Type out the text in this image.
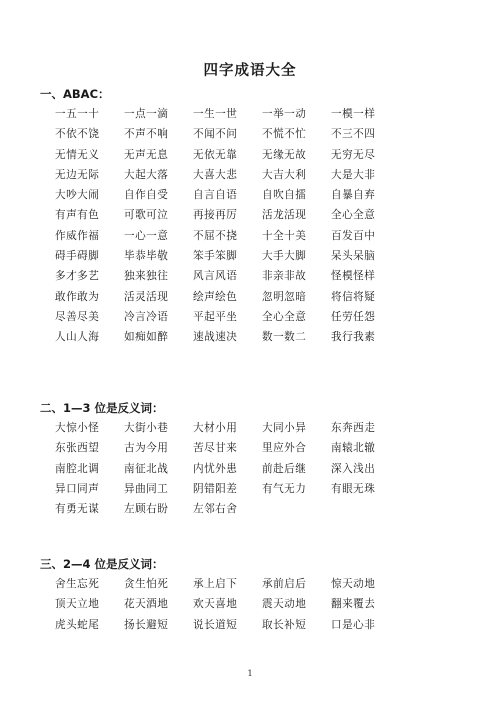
四字成语大全
一、ABAC：
一五一十	一点一滴	一生一世	一举一动	一模一样
不依不饶	不声不响	不闻不问	不慌不忙	不三不四
无情无义	无声无息	无依无靠	无缘无故	无穷无尽
无边无际	大起大落	大喜大悲	大吉大利	大是大非
大吵大闹	自作自受	自言自语	自吹自擂	自暴自弃
有声有色	可歌可泣	再接再厉	活龙活现	全心全意
作威作福	一心一意	不屈不挠	十全十美	百发百中
碍手碍脚	毕恭毕敬	笨手笨脚	大手大脚	呆头呆脑
多才多艺	独来独往	风言风语	非亲非故	怪模怪样
敢作敢为	活灵活现	绘声绘色	忽明忽暗	将信将疑
尽善尽美	冷言冷语	平起平坐	全心全意	任劳任怨
人山人海	如痴如醉	速战速决	数一数二	我行我素
二、1—3 位是反义词：
大惊小怪	大街小巷	大材小用	大同小异	东奔西走
东张西望	古为今用	苦尽甘来	里应外合	南辕北辙
南腔北调	南征北战	内忧外患	前赴后继	深入浅出
异口同声	异曲同工	阴错阳差	有气无力	有眼无珠
有勇无谋	左顾右盼	左邻右舍
三、2—4 位是反义词：
舍生忘死	贪生怕死	承上启下	承前启后	惊天动地
顶天立地	花天酒地	欢天喜地	震天动地	翻来覆去
虎头蛇尾	扬长避短	说长道短	取长补短	口是心非
1
